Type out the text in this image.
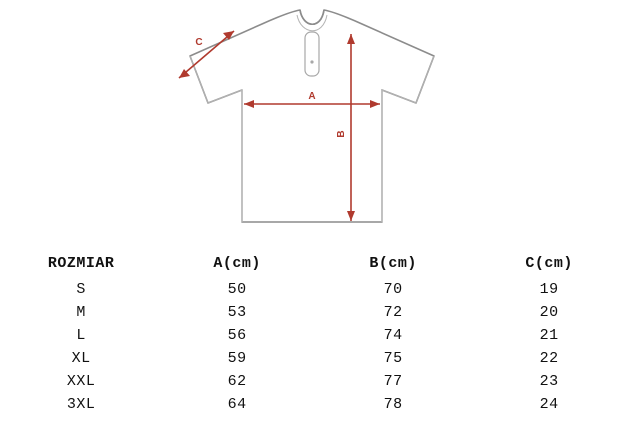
A
B
C
ROZMIAR	A(cm)	B(cm)	C(cm)
S	50	70	19
M	53	72	20
L	56	74	21
XL	59	75	22
XXL	62	77	23
3XL	64	78	24
